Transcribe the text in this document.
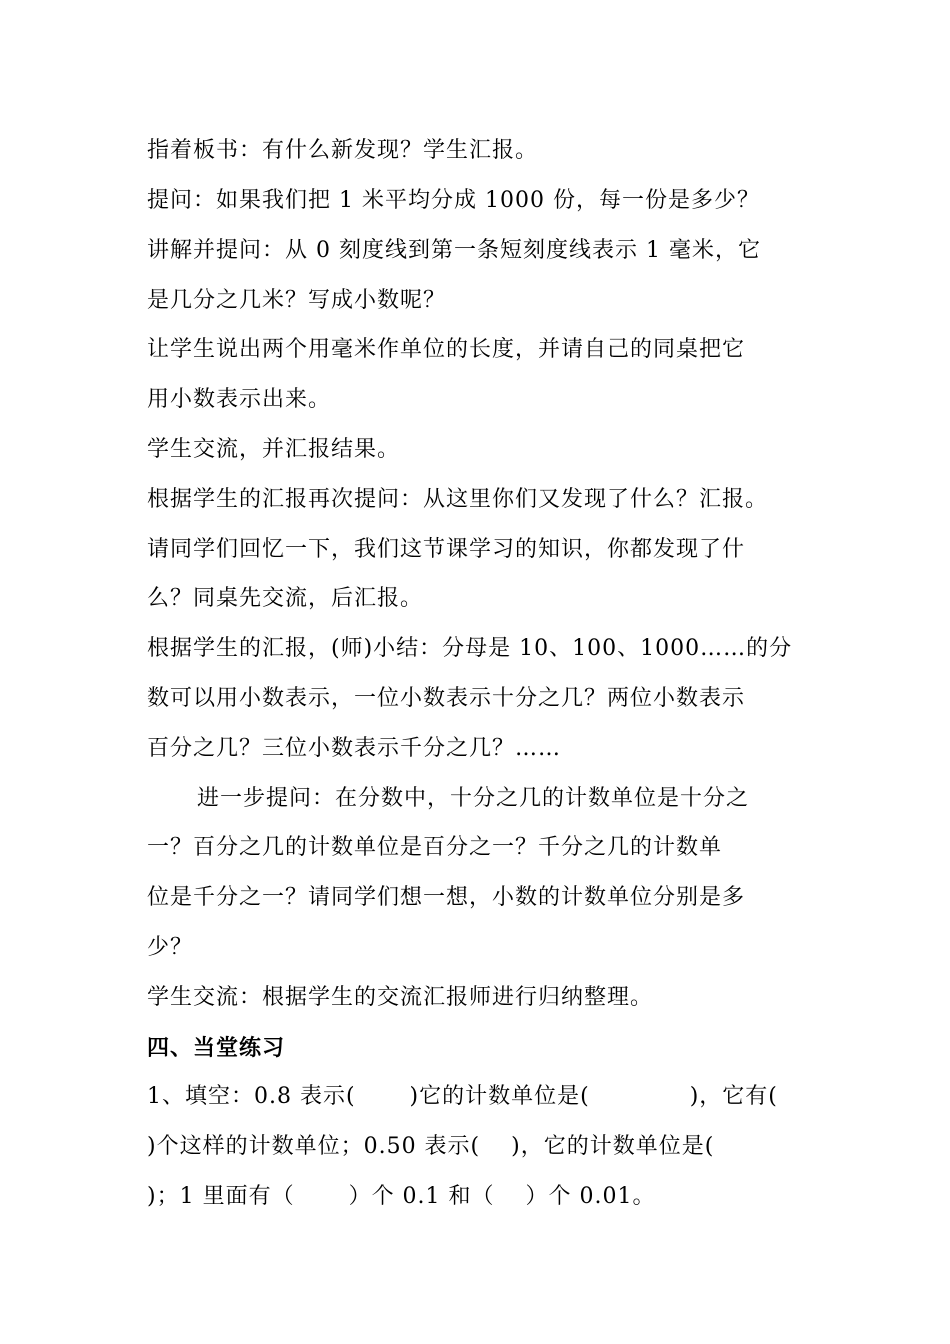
指着板书：有什么新发现？学生汇报。
提问：如果我们把 1 米平均分成 1000 份，每一份是多少？
讲解并提问：从 0 刻度线到第一条短刻度线表示 1 毫米，它
是几分之几米？写成小数呢？
让学生说出两个用毫米作单位的长度，并请自己的同桌把它
用小数表示出来。
学生交流，并汇报结果。
根据学生的汇报再次提问：从这里你们又发现了什么？汇报。
请同学们回忆一下，我们这节课学习的知识，你都发现了什
么？同桌先交流，后汇报。
根据学生的汇报，(师)小结：分母是 10、100、1000……的分
数可以用小数表示，一位小数表示十分之几？两位小数表示
百分之几？三位小数表示千分之几？……
进一步提问：在分数中，十分之几的计数单位是十分之
一？百分之几的计数单位是百分之一？千分之几的计数单
位是千分之一？请同学们想一想，小数的计数单位分别是多
少？
学生交流：根据学生的交流汇报师进行归纳整理。
四、当堂练习
1、填空：0.8 表示(　　 )它的计数单位是(　　　　 )，它有(
)个这样的计数单位；0.50 表示(　 )，它的计数单位是(
)；1 里面有（　　 ）个 0.1 和（　 ）个 0.01。
